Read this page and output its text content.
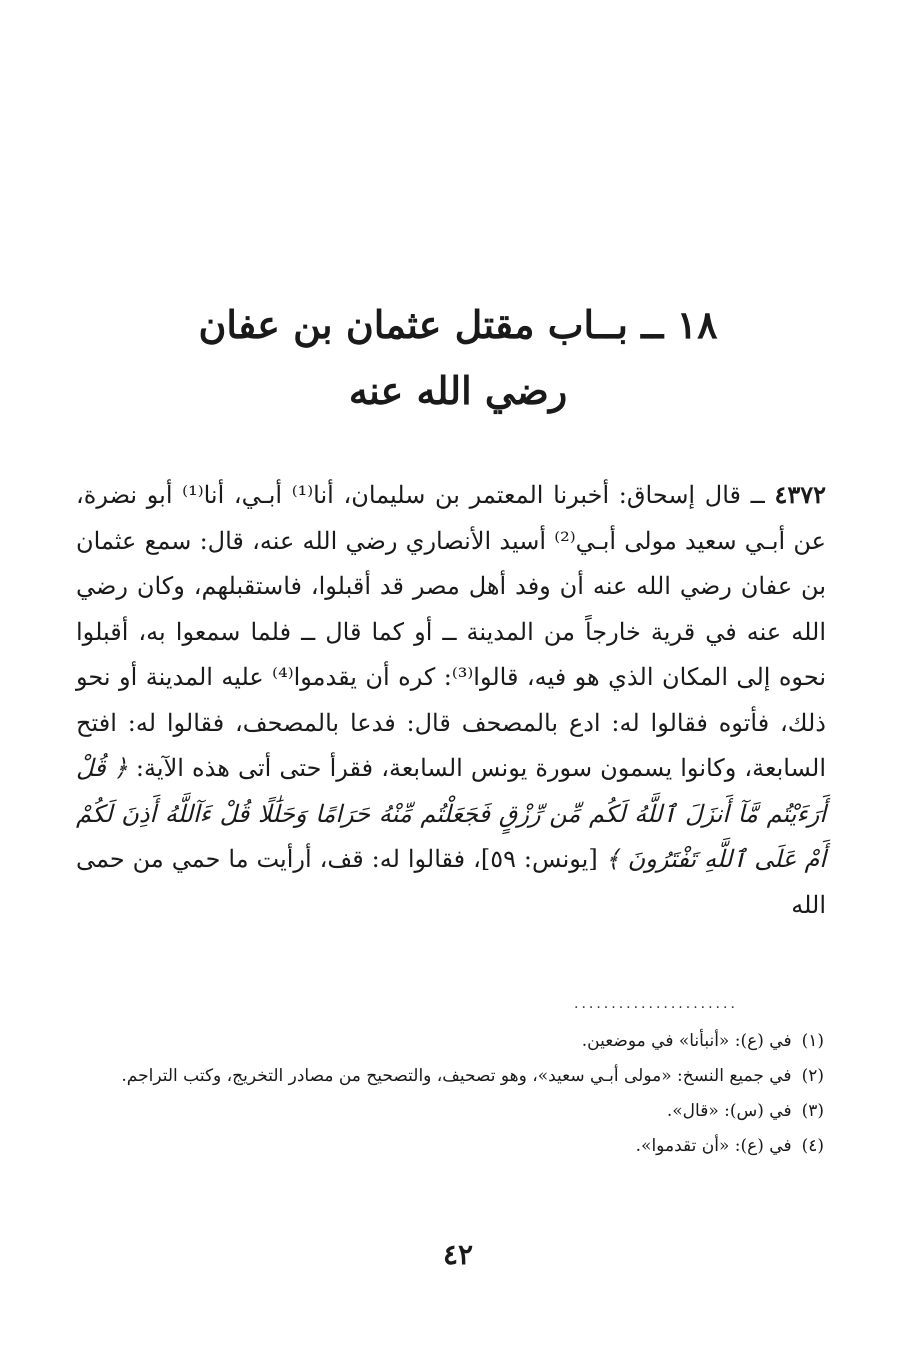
١٨ ــ بــاب مقتل عثمان بن عفان
رضي الله عنه

٤٣٧٢ ــ قال إسحاق: أخبرنا المعتمر بن سليمان، أنا⁽¹⁾ أبـي، أنا⁽¹⁾ أبو نضرة، عن أبـي سعيد مولى أبـي⁽²⁾ أسيد الأنصاري رضي الله عنه، قال: سمع عثمان بن عفان رضي الله عنه أن وفد أهل مصر قد أقبلوا، فاستقبلهم، وكان رضي الله عنه في قرية خارجاً من المدينة ــ أو كما قال ــ فلما سمعوا به، أقبلوا نحوه إلى المكان الذي هو فيه، قالوا⁽³⁾: كره أن يقدموا⁽⁴⁾ عليه المدينة أو نحو ذلك، فأتوه فقالوا له: ادع بالمصحف قال: فدعا بالمصحف، فقالوا له: افتح السابعة، وكانوا يسمون سورة يونس السابعة، فقرأ حتى أتى هذه الآية: ﴿ قُلْ أَرَءَيْتُم مَّآ أَنزَلَ ٱللَّهُ لَكُم مِّن رِّزْقٍ فَجَعَلْتُم مِّنْهُ حَرَامًا وَحَلَٰلًا قُلْ ءَآللَّهُ أَذِنَ لَكُمْ أَمْ عَلَى ٱللَّهِ تَفْتَرُونَ ﴾ [يونس: ٥٩]، فقالوا له: قف، أرأيت ما حمي من حمى الله

......................
(١)
في (ع): «أنبأنا» في موضعين.
(٢)
في جميع النسخ: «مولى أبـي سعيد»، وهو تصحيف، والتصحيح من مصادر التخريج، وكتب التراجم.
(٣)
في (س): «قال».
(٤)
في (ع): «أن تقدموا».
٤٢
